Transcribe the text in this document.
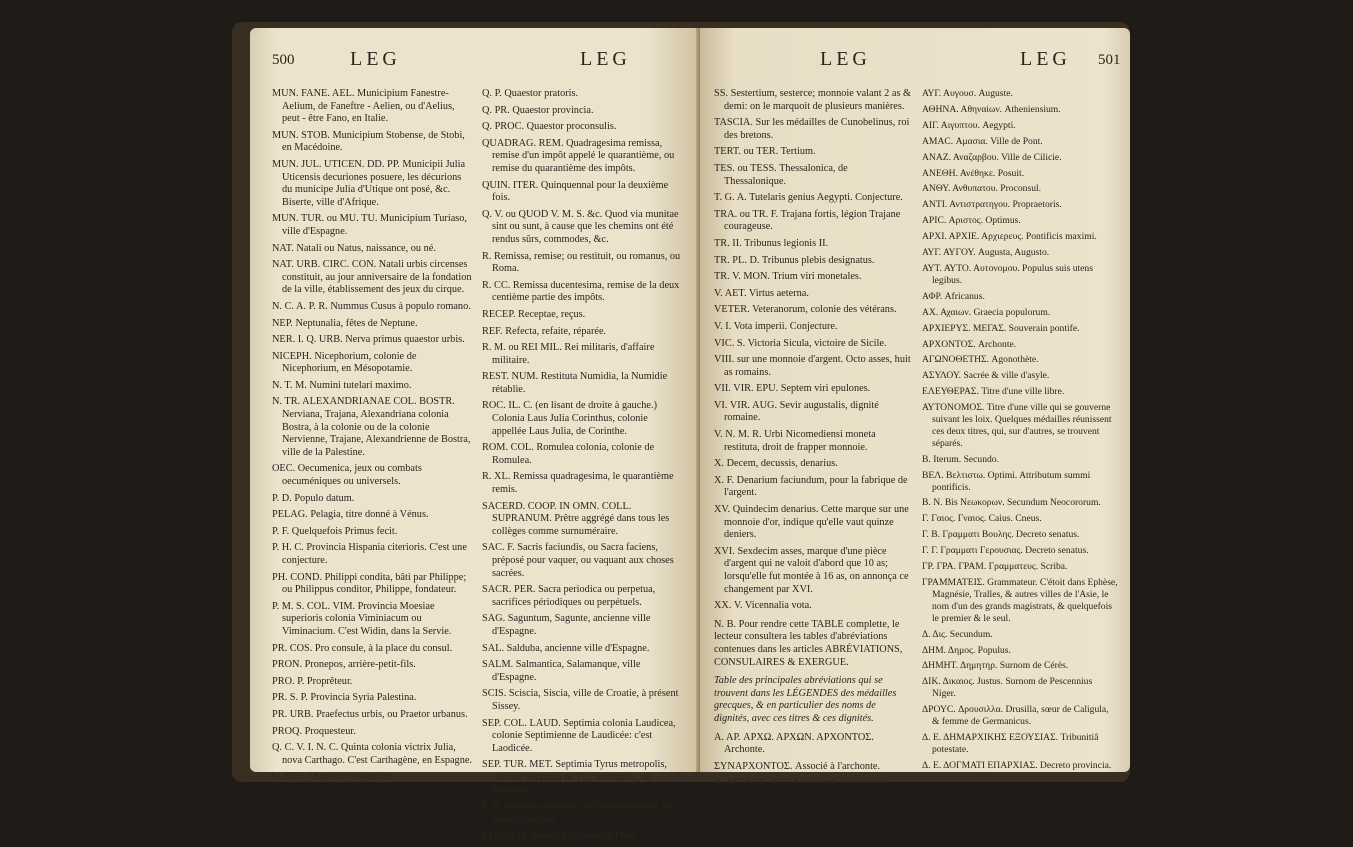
500	LEG	LEG
MUN. FANE. AEL. Municipium Fanestre-Aelium, de Faneftre - Aelien, ou d'Aelius, peut - être Fano, en Italie.
MUN. STOB. Municipium Stobense, de Stobi, en Macédoine.
MUN. JUL. UTICEN. DD. PP. Municipii Julia Uticensis decuriones posuere, les décurions du municipe Julia d'Utique ont posé, &c. Biserte, ville d'Afrique.
MUN. TUR. ou MU. TU. Municipium Turiaso, ville d'Espagne.
NAT. Natali ou Natus, naissance, ou né.
NAT. URB. CIRC. CON. Natali urbis circenses constituit, au jour anniversaire de la fondation de la ville, établissement des jeux du cirque.
N. C. A. P. R. Nummus Cusus à populo romano.
NEP. Neptunalia, fêtes de Neptune.
NER. I. Q. URB. Nerva primus quaestor urbis.
NICEPH. Nicephorium, colonie de Nicephorium, en Mésopotamie.
N. T. M. Numini tutelari maximo.
N. TR. ALEXANDRIANAE COL. BOSTR. Nerviana, Trajana, Alexandriana colonia Bostra, à la colonie ou de la colonie Nervienne, Trajane, Alexandrienne de Bostra, ville de la Palestine.
OEC. Oecumenica, jeux ou combats oecuméniques ou universels.
P. D. Populo datum.
PELAG. Pelagia, titre donné à Vénus.
P. F. Quelquefois Primus fecit.
P. H. C. Provincia Hispania citerioris. C'est une conjecture.
PH. COND. Philippi condita, bâti par Philippe; ou Philippus conditor, Philippe, fondateur.
P. M. S. COL. VIM. Provincia Moesiae superioris colonia Viminiacum ou Viminacium. C'est Widin, dans la Servie.
PR. COS. Pro consule, à la place du consul.
PRON. Pronepos, arrière-petit-fils.
PRO. P. Proprêteur.
PR. S. P. Provincia Syria Palestina.
PR. URB. Praefectus urbis, ou Praetor urbanus.
PROQ. Proquesteur.
Q. C. V. I. N. C. Quinta colonia victrix Julia, nova Carthago. C'est Carthagène, en Espagne.
Q. DES. Quaestor designatus.
Q. P. Quaestor pratoris.
Q. PR. Quaestor provincia.
Q. PROC. Quaestor proconsulis.
QUADRAG. REM. Quadragesima remissa, remise d'un impôt appelé le quarantième, ou remise du quarantième des impôts.
QUIN. ITER. Quinquennal pour la deuxième fois.
Q. V. ou QUOD V. M. S. &c. Quod via munitae sint ou sunt, à cause que les chemins ont été rendus sûrs, commodes, &c.
R. Remissa, remise; ou restituit, ou romanus, ou Roma.
R. CC. Remissa ducentesima, remise de la deux centième partie des impôts.
RECEP. Receptae, reçus.
REF. Refecta, refaite, réparée.
R. M. ou REI MIL. Rei militaris, d'affaire militaire.
REST. NUM. Restituta Numidia, la Numidie rétablie.
ROC. IL. C. (en lisant de droite à gauche.) Colonia Laus Julia Corinthus, colonie appellée Laus Julia, de Corinthe.
ROM. COL. Romulea colonia, colonie de Romulea.
R. XL. Remissa quadragesima, le quarantième remis.
SACERD. COOP. IN OMN. COLL. SUPRANUM. Prêtre aggrégé dans tous les collèges comme surnuméraire.
SAC. F. Sacris faciundis, ou Sacra faciens, préposé pour vaquer, ou vaquant aux choses sacrées.
SACR. PER. Sacra periodica ou perpetua, sacrifices périodiques ou perpétuels.
SAG. Saguntum, Sagunte, ancienne ville d'Espagne.
SAL. Salduba, ancienne ville d'Espagne.
SALM. Salmantica, Salamanque, ville d'Espagne.
SCIS. Sciscia, Siscia, ville de Croatie, à présent Sissey.
SEP. COL. LAUD. Septimia colonia Laudicea, colonie Septimienne de Laudicée: c'est Laodicée.
SEP. TUR. MET. Septimia Tyrus metropolis, colonie Septimia de Tyr, métropole, en Phénicie.
S. R. Senatus romanus, ou Salus romanum, ou Spes reipublica.
STABILIT. Stabilita, la terre ou l'état.
LEG	LEG 501
SS. Sestertium, sesterce; monnoie valant 2 as & demi: on le marquoit de plusieurs manières.
TASCIA. Sur les médailles de Cunobelinus, roi des bretons.
TERT. ou TER. Tertium.
TES. ou TESS. Thessalonica, de Thessalonique.
T. G. A. Tutelaris genius Aegypti. Conjecture.
TRA. ou TR. F. Trajana fortis, légion Trajane courageuse.
TR. II. Tribunus legionis II.
TR. PL. D. Tribunus plebis designatus.
TR. V. MON. Trium viri monetales.
V. AET. Virtus aeterna.
VETER. Veteranorum, colonie des vétérans.
V. I. Vota imperii. Conjecture.
VIC. S. Victoria Sicula, victoire de Sicile.
VIII. sur une monnoie d'argent. Octo asses, huit as romains.
VII. VIR. EPU. Septem viri epulones.
VI. VIR. AUG. Sevir augustalis, dignité romaine.
V. N. M. R. Urbi Nicomediensi moneta restituta, droit de frapper monnoie.
X. Decem, decussis, denarius.
X. F. Denarium faciundum, pour la fabrique de l'argent.
XV. Quindecim denarius. Cette marque sur une monnoie d'or, indique qu'elle vaut quinze deniers.
XVI. Sexdecim asses, marque d'une pièce d'argent qui ne valoit d'abord que 10 as; lorsqu'elle fut montée à 16 as, on annonça ce changement par XVI.
XX. V. Vicennalia vota.
N. B. Pour rendre cette TABLE complette, le lecteur consultera les tables d'abréviations contenues dans les articles ABRÉVIATIONS, CONSULAIRES & EXERGUE.
Table des principales abréviations qui se trouvent dans les LÉGENDES des médailles grecques, & en particulier des noms de dignités, avec ces titres & ces dignités.
A. AP. ΑΡΧΩ. ΑΡΧΩΝ. ΑΡΧΟΝΤΟΣ. Archonte.
ΣΥΝΑΡΧΟΝΤΟΣ. Associé à l'archonte.
A. AC. ACY. ACYΛ. Asylum, asili, asyle.
ΑΥΓ. Αυγουσ. Auguste.
ΑΘΗΝΑ. Αθηναίων. Atheniensium.
ΑΙΓ. Αιγυπτου. Aegypti.
ΑΜΑC. Αμασια. Ville de Pont.
ΑΝΑΖ. Αναζαρβου. Ville de Cilicie.
ΑΝΕΘΗ. Ανέθηκε. Posuit.
ΑΝΘΥ. Ανθυπατου. Proconsul.
ΑΝΤΙ. Αντιστρατηγου. Propraetoris.
ΑΡΙC. Αριστος. Optimus.
ΑΡΧΙ. ΑΡΧΙΕ. Αρχιερευς. Pontificis maximi.
ΑΥΓ. ΑΥΓΟΥ. Augusta, Augusto.
ΑΥΤ. ΑΥΤΟ. Αυτονομου. Populus suis utens legibus.
ΑΦΡ. Africanus.
ΑΧ. Αχαιων. Graecia populorum.
ΑΡΧΙΕΡΥΣ. ΜΕΓΑΣ. Souverain pontife.
ΑΡΧΟΝΤΟΣ. Archonte.
ΑΓΩΝΟΘΕΤΗΣ. Agonothète.
ΑΣΥΛΟΥ. Sacrée & ville d'asyle.
ΕΛΕΥΘΕΡΑΣ. Titre d'une ville libre.
ΑΥΤΟΝΟΜΟΣ. Titre d'une ville qui se gouverne suivant les loix. Quelques médailles réunissent ces deux titres, qui, sur d'autres, se trouvent séparés.
B. Iterum. Secundo.
ΒΕΛ. Βελτιστω. Optimi. Attributum summi pontificis.
B. N. Bis Νεωκορων. Secundum Neocororum.
Γ. Γαιος. Γναιος. Caius. Cneus.
Γ. B. Γραμματι Βουλης. Decreto senatus.
Γ. Γ. Γραμματι Γερουσιας. Decreto senatus.
ΓΡ. ΓΡΑ. ΓΡΑΜ. Γραμματευς. Scriba.
ΓΡΑΜΜΑΤΕΙΣ. Grammateur. C'étoit dans Ephèse, Magnésie, Tralles, & autres villes de l'Asie, le nom d'un des grands magistrats, & quelquefois le premier & le seul.
Δ. Δις. Secundum.
ΔΗΜ. Δημος. Populus.
ΔΗΜΗΤ. Δημητηρ. Surnom de Cérès.
ΔΙΚ. Δικαιος. Justus. Surnom de Pescennius Niger.
ΔΡΟΥC. Δρουσιλλα. Drusilla, sœur de Caligula, & femme de Germanicus.
Δ. Ε. ΔΗΜΑΡΧΙΚΗΣ ΕΞΟΥΣΙΑΣ. Tribunitiâ potestate.
Δ. Ε. ΔΟΓΜΑΤΙ ΕΠΑΡΧΙΑΣ. Decreto provincia.
